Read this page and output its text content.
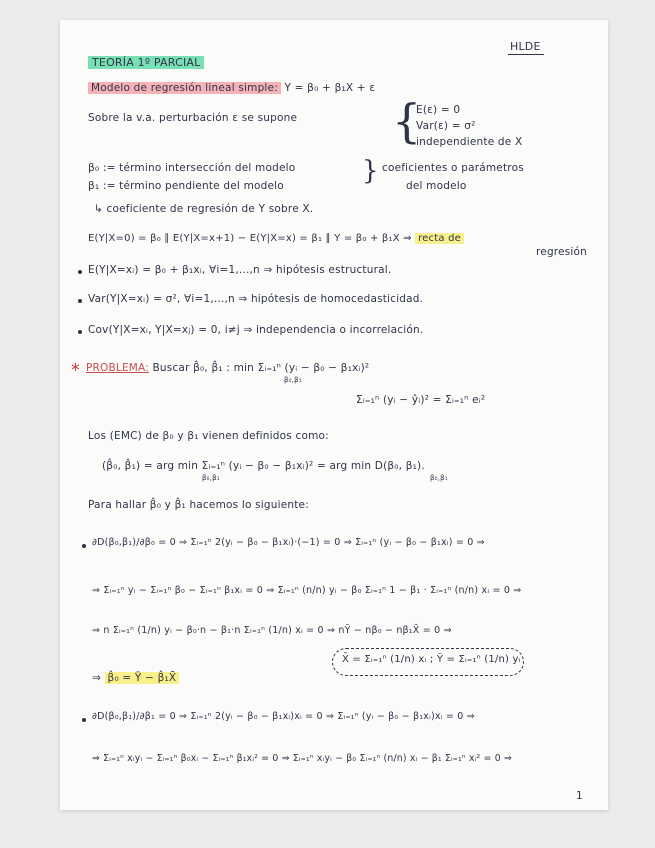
HLDE
TEORÍA 1º PARCIAL
Modelo de regresión lineal simple: Y = β₀ + β₁X + ε
Sobre la v.a. perturbación ε se supone {
E(ε) = 0
Var(ε) = σ²
independiente de X
β₀ := término intersección del modelo
β₁ := término pendiente del modelo	} coeficientes o parámetros
del modelo
↳ coeficiente de regresión de Y sobre X.
E(Y|X=0) = β₀ ∥ E(Y|X=x+1) − E(Y|X=x) = β₁ ∥ Y = β₀ + β₁X ⇒ recta de
regresión
E(Y|X=xᵢ) = β₀ + β₁xᵢ, ∀i=1,...,n ⇒ hipótesis estructural.
Var(Y|X=xᵢ) = σ², ∀i=1,...,n ⇒ hipótesis de homocedasticidad.
Cov(Y|X=xᵢ, Y|X=xⱼ) = 0, i≠j ⇒ independencia o incorrelación.
∗ PROBLEMA: Buscar β̂₀, β̂₁ : min Σᵢ₌₁ⁿ (yᵢ − β₀ − β₁xᵢ)²
β₀,β₁
Σᵢ₌₁ⁿ (yᵢ − ŷᵢ)² = Σᵢ₌₁ⁿ eᵢ²
Los (EMC) de β₀ y β₁ vienen definidos como:
(β̂₀, β̂₁) = arg min Σᵢ₌₁ⁿ (yᵢ − β₀ − β₁xᵢ)² = arg min D(β₀, β₁).
β₀,β₁	β₀,β₁
Para hallar β̂₀ y β̂₁ hacemos lo siguiente:
∂D(β₀,β₁)/∂β₀ = 0 ⇒ Σᵢ₌₁ⁿ 2(yᵢ − β₀ − β₁xᵢ)·(−1) = 0 ⇒ Σᵢ₌₁ⁿ (yᵢ − β₀ − β₁xᵢ) = 0 ⇒
⇒ Σᵢ₌₁ⁿ yᵢ − Σᵢ₌₁ⁿ β₀ − Σᵢ₌₁ⁿ β₁xᵢ = 0 ⇒ Σᵢ₌₁ⁿ (n/n) yᵢ − β₀ Σᵢ₌₁ⁿ 1 − β₁ · Σᵢ₌₁ⁿ (n/n) xᵢ = 0 ⇒
⇒ n Σᵢ₌₁ⁿ (1/n) yᵢ − β₀·n − β₁·n Σᵢ₌₁ⁿ (1/n) xᵢ = 0 ⇒ nȲ − nβ₀ − nβ₁X̄ = 0 ⇒
X̄ = Σᵢ₌₁ⁿ (1/n) xᵢ ; Ȳ = Σᵢ₌₁ⁿ (1/n) yᵢ
⇒ β̂₀ = Ȳ − β̂₁X̄
∂D(β₀,β₁)/∂β₁ = 0 ⇒ Σᵢ₌₁ⁿ 2(yᵢ − β₀ − β₁xᵢ)xᵢ = 0 ⇒ Σᵢ₌₁ⁿ (yᵢ − β₀ − β₁xᵢ)xᵢ = 0 ⇒
⇒ Σᵢ₌₁ⁿ xᵢyᵢ − Σᵢ₌₁ⁿ β₀xᵢ − Σᵢ₌₁ⁿ β₁xᵢ² = 0 ⇒ Σᵢ₌₁ⁿ xᵢyᵢ − β₀ Σᵢ₌₁ⁿ (n/n) xᵢ − β₁ Σᵢ₌₁ⁿ xᵢ² = 0 ⇒
1
